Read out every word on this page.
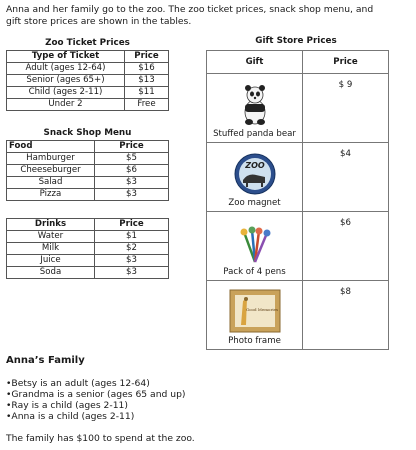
Anna and her family go to the zoo. The zoo ticket prices, snack shop menu, and gift store prices are shown in the tables.
Zoo Ticket Prices
Type of Ticket	Price
Adult (ages 12-64)	$16
Senior (ages 65+)	$13
Child (ages 2-11)	$11
Under 2	Free
Snack Shop Menu
Food	Price
Hamburger	$5
Cheeseburger	$6
Salad	$3
Pizza	$3
Drinks	Price
Water	$1
Milk	$2
Juice	$3
Soda	$3
Gift Store Prices
Gift	Price

Stuffed panda bear	$ 9

ZOO
Zoo magnet	$4

Pack of 4 pens	$6

Good Memories
Photo frame	$8
Anna’s Family
•Betsy is an adult (ages 12-64)
•Grandma is a senior (ages 65 and up)
•Ray is a child (ages 2-11)
•Anna is a child (ages 2-11)
The family has $100 to spend at the zoo.
